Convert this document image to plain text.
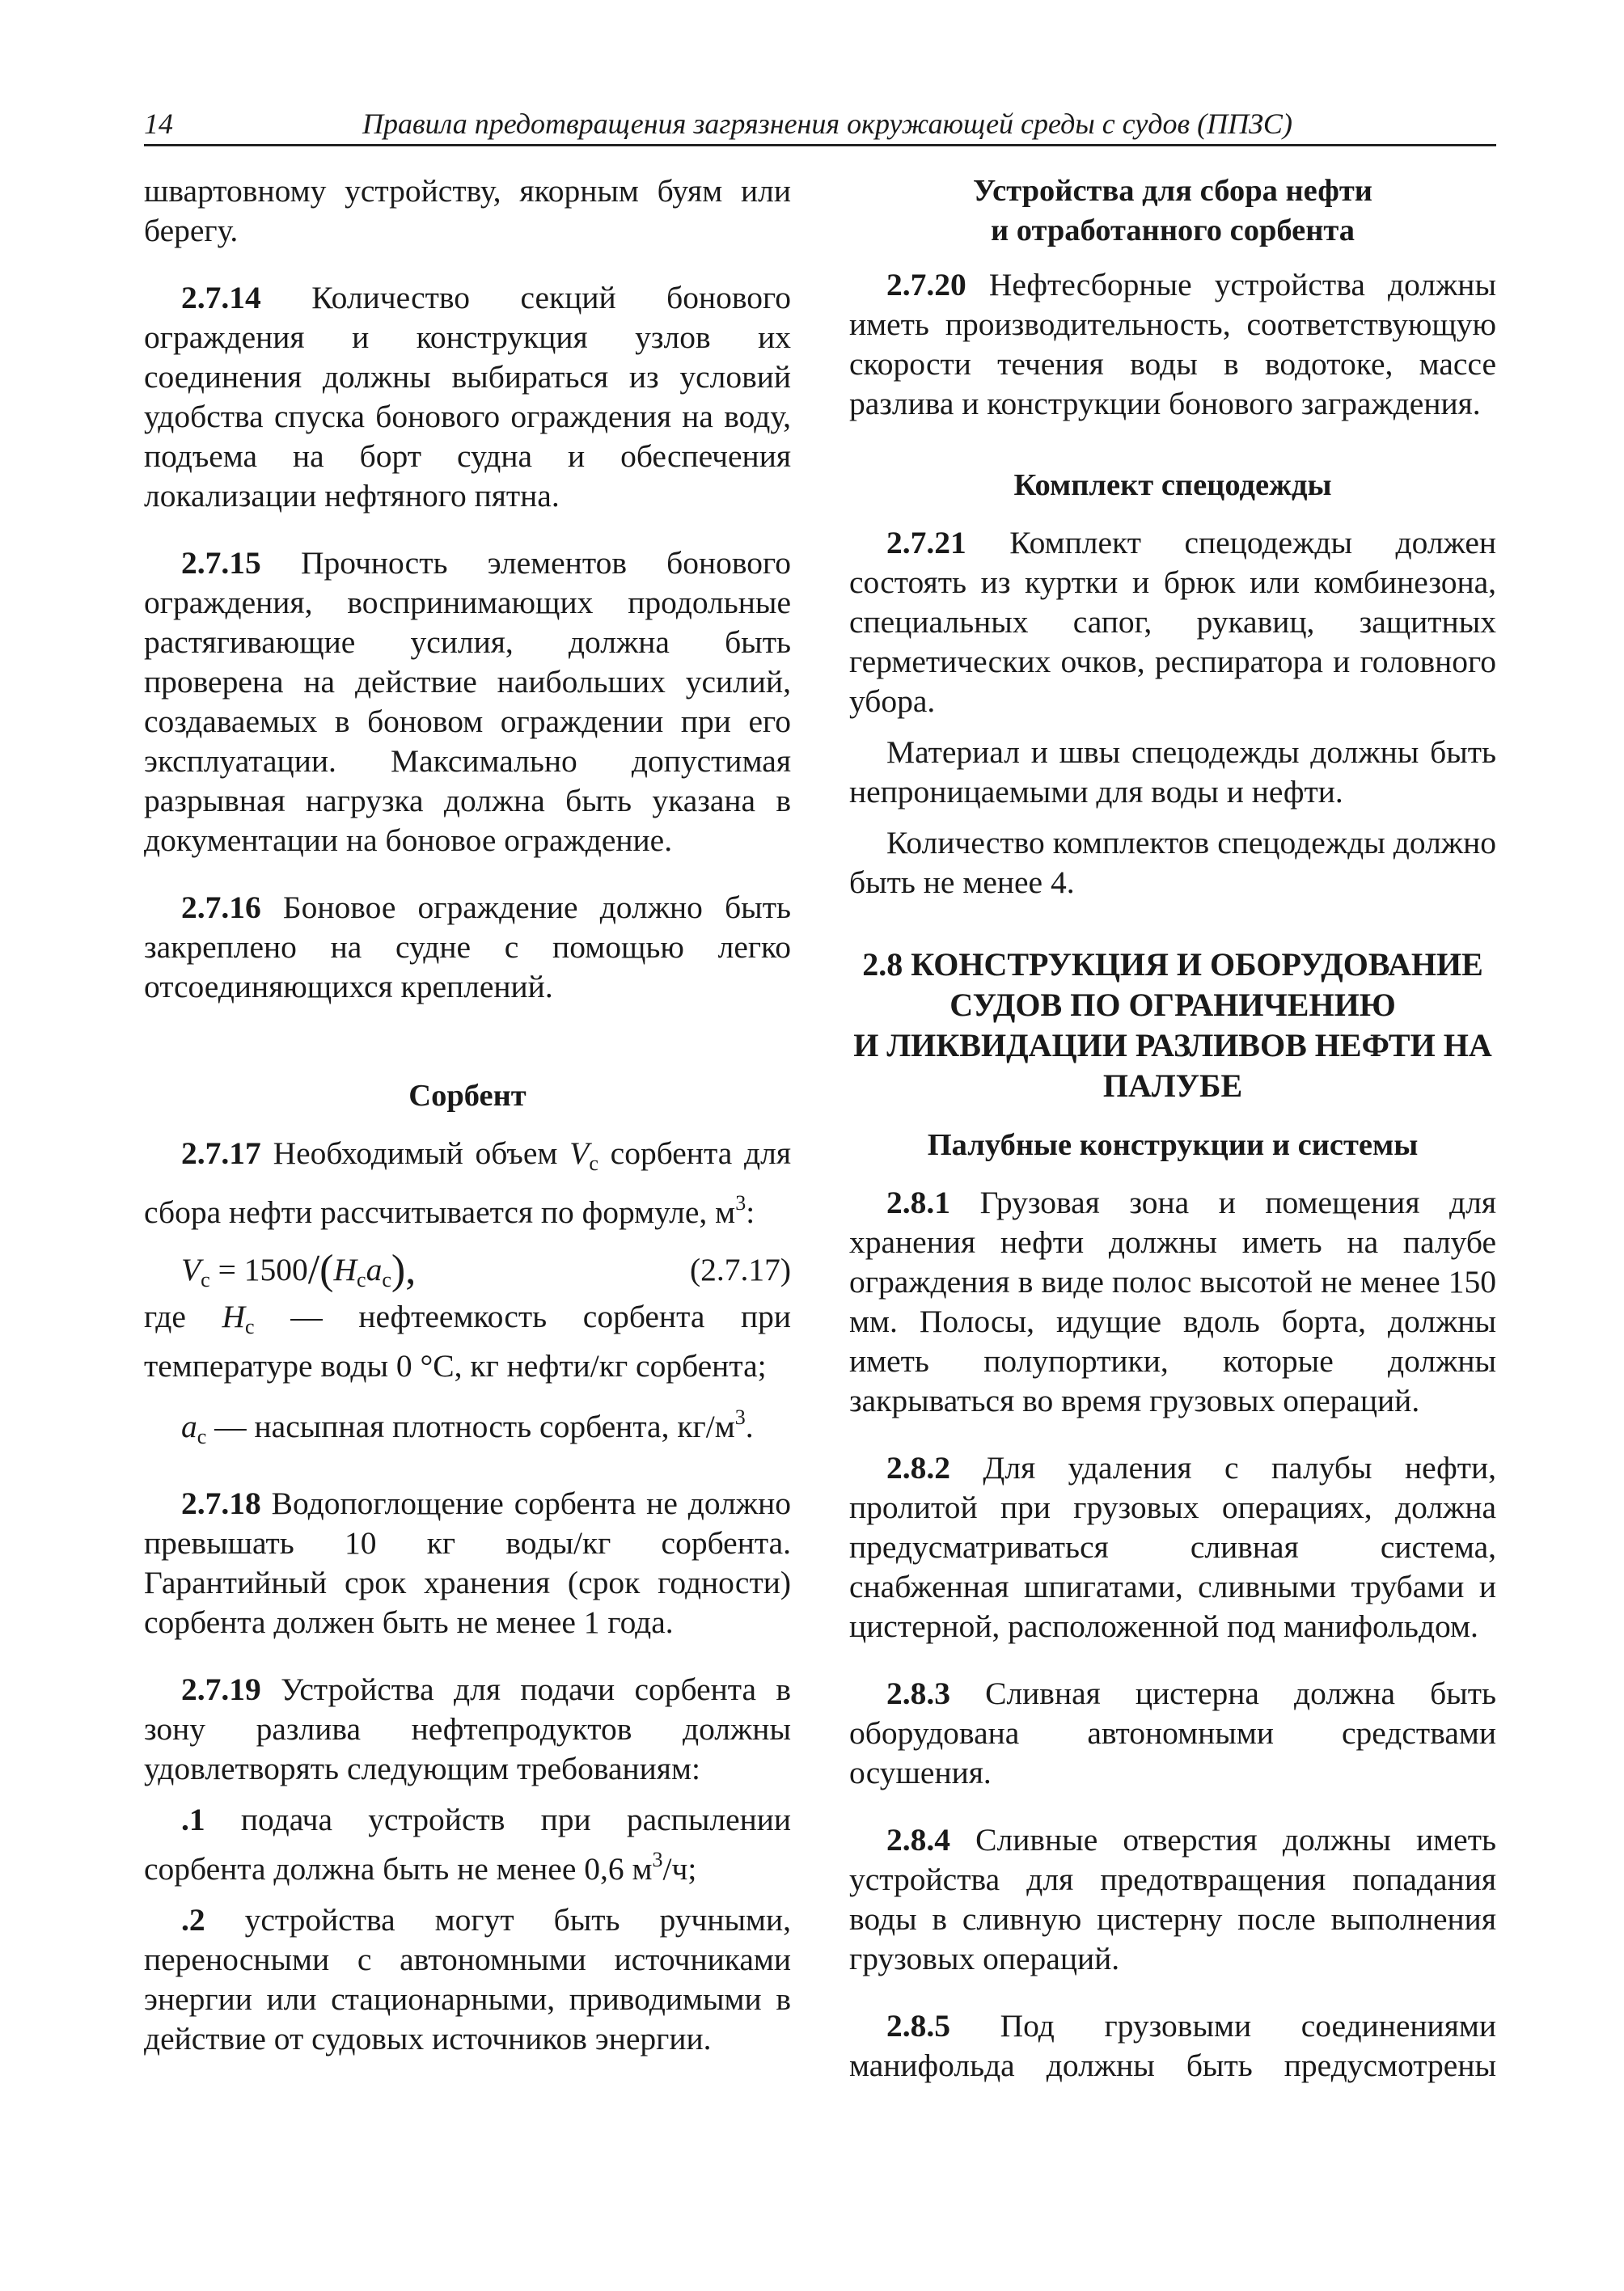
14	Правила предотвращения загрязнения окружающей среды с судов (ППЗС)

швартовному устройству, якорным буям или берегу.

2.7.14 Количество секций бонового ограждения и конструкция узлов их соединения должны выбираться из условий удобства спуска бонового ограждения на воду, подъема на борт судна и обеспечения локализации нефтяного пятна.

2.7.15 Прочность элементов бонового ограждения, воспринимающих продольные растягивающие усилия, должна быть проверена на действие наибольших усилий, создаваемых в боновом ограждении при его эксплуатации. Максимально допустимая разрывная нагрузка должна быть указана в документации на боновое ограждение.

2.7.16 Боновое ограждение должно быть закреплено на судне с помощью легко отсоединяющихся креплений.

Сорбент

2.7.17 Необходимый объем $V_с$ сорбента для сбора нефти рассчитывается по формуле, $м^3$:

$V_с = 1500/(H_сa_с)$,	(2.7.17)

где $H_с$ — нефтеемкость сорбента при температуре воды 0 °С, кг нефти/кг сорбента;

$a_с$ — насыпная плотность сорбента, $кг/м^3$.

2.7.18 Водопоглощение сорбента не должно превышать 10 кг воды/кг сорбента. Гарантийный срок хранения (срок годности) сорбента должен быть не менее 1 года.

2.7.19 Устройства для подачи сорбента в зону разлива нефтепродуктов должны удовлетворять следующим требованиям:

.1 подача устройств при распылении сорбента должна быть не менее 0,6 $м^3/ч$;

.2 устройства могут быть ручными, переносными с автономными источниками энергии или стационарными, приводимыми в действие от судовых источников энергии.

Устройства для сбора нефти
и отработанного сорбента

2.7.20 Нефтесборные устройства должны иметь производительность, соответствующую скорости течения воды в водотоке, массе разлива и конструкции бонового заграждения.

Комплект спецодежды

2.7.21 Комплект спецодежды должен состоять из куртки и брюк или комбинезона, специальных сапог, рукавиц, защитных герметических очков, респиратора и головного убора.

Материал и швы спецодежды должны быть непроницаемыми для воды и нефти.

Количество комплектов спецодежды должно быть не менее 4.

2.8 КОНСТРУКЦИЯ И ОБОРУДОВАНИЕ
СУДОВ ПО ОГРАНИЧЕНИЮ
И ЛИКВИДАЦИИ РАЗЛИВОВ НЕФТИ НА
ПАЛУБЕ
Палубные конструкции и системы

2.8.1 Грузовая зона и помещения для хранения нефти должны иметь на палубе ограждения в виде полос высотой не менее 150 мм. Полосы, идущие вдоль борта, должны иметь полупортики, которые должны закрываться во время грузовых операций.

2.8.2 Для удаления с палубы нефти, пролитой при грузовых операциях, должна предусматриваться сливная система, снабженная шпигатами, сливными трубами и цистерной, расположенной под манифольдом.

2.8.3 Сливная цистерна должна быть оборудована автономными средствами осушения.

2.8.4 Сливные отверстия должны иметь устройства для предотвращения попадания воды в сливную цистерну после выполнения грузовых операций.

2.8.5 Под грузовыми соединениями манифольда должны быть предусмотрены
